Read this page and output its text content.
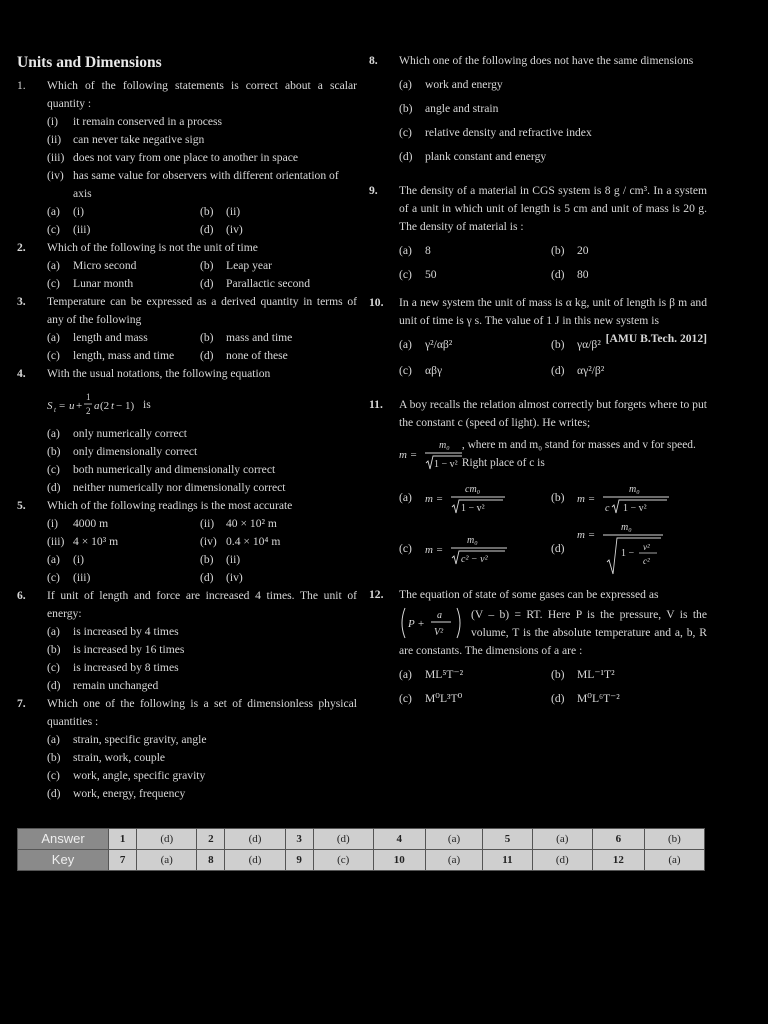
Units and Dimensions
1. Which of the following statements is correct about a scalar quantity :
(i)	it remain conserved in a process
(ii)	can never take negative sign
(iii) does not vary from one place to another in space
(iv) has same value for observers with different orientation of axis
(a)	(i)	(b)	(ii)
(c)	(iii)	(d)	(iv)
2. Which of the following is not the unit of time
(a)	Micro second	(b)	Leap year
(c)	Lunar month	(d)	Parallactic second
3. Temperature can be expressed as a derived quantity in terms of any of the following
(a)	length and mass	(b)	mass and time
(c)	length, mass and time (d)	none of these
4. With the usual notations, the following equation
S t = u +
1
2 a (2 t − 1) is
(a)	only numerically correct
(b)	only dimensionally correct
(c)	both numerically and dimensionally correct
(d)	neither numerically nor dimensionally correct
5. Which of the following readings is the most accurate
(i)	4000 m	(ii)	40 × 10² m
(iii) 4 × 10³ m	(iv) 0.4 × 10⁴ m
(a)	(i)	(b)	(ii)
(c)	(iii)	(d)	(iv)
6. If unit of length and force are increased 4 times. The unit of energy:
(a)	is increased by 4 times
(b)	is increased by 16 times
(c)	is increased by 8 times
(d)	remain unchanged
7. Which one of the following is a set of dimensionless physical quantities :
(a)	strain, specific gravity, angle
(b)	strain, work, couple
(c)	work, angle, specific gravity
(d)	work, energy, frequency
8. Which one of the following does not have the same dimensions
(a)	work and energy
(b)	angle and strain
(c)	relative density and refractive index
(d)	plank constant and energy
9. The density of a material in CGS system is 8 g / cm³. In a system of a unit in which unit of length is 5 cm and unit of mass is 20 g. The density of material is :
(a)	8	(b)	20
(c)	50	(d)	80
10. In a new system the unit of mass is α kg, unit of length is β m and unit of time is γ s. The value of 1 J in this new system is
[AMU B.Tech. 2012]
(a)	γ²/αβ²	(b)	γα/β²
(c)	αβγ	(d)	αγ²/β²
11. A boy recalls the relation almost correctly but forgets where to put the constant c (speed of light). He writes;
m =
m₀
1 − v²
, where m and m₀ stand for masses and v for speed. Right place of c is
(a)	m =
cm₀
1 − v²
(b)	m =
m₀
c 1 − v²
(c)	m =
m₀
c² − v²
(d)
m =
m₀
1 −
v²
c²
12. The equation of state of some gases can be expressed as
P +
a
V²
(V – b) = RT. Here P is the pressure, V is the volume, T is the absolute temperature and a, b, R are constants. The dimensions of a are :
(a)	ML⁵T⁻²	(b)	ML⁻¹T²
(c)	M⁰L³T⁰	(d)	M⁰L⁶T⁻²
Answer	1	(d)	2	(d)	3	(d)	4	(a)	5	(a)	6	(b)
Key	7	(a)	8	(d)	9	(c)	10	(a)	11	(d)	12	(a)
